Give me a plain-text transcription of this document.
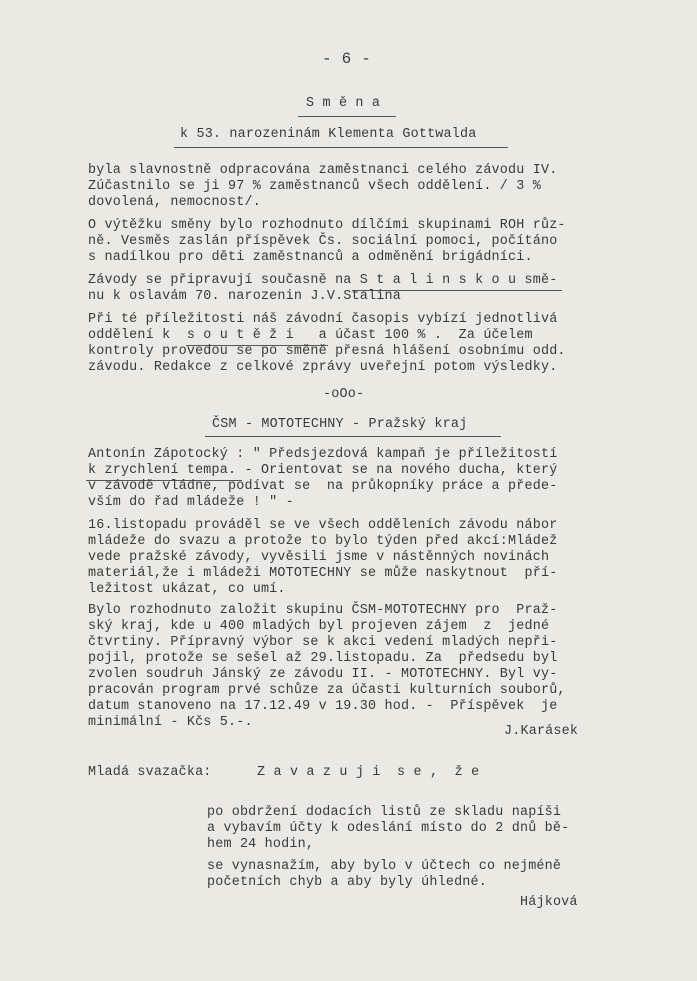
- 6 -

S m ě n a

k 53. narozeninám Klementa Gottwalda

byla slavnostně odpracována zaměstnanci celého závodu IV.

Zúčastnilo se ji 97 % zaměstnanců všech oddělení. / 3 %

dovolená, nemocnost/.

O výtěžku směny bylo rozhodnuto dílčími skupinami ROH růz-

ně. Vesměs zaslán příspěvek Čs. sociální pomoci, počítáno

s nadílkou pro děti zaměstnanců a odměnění brigádníci.

Závody se připravují současně na S t a l i n s k o u smě-

nu k oslavám 70. narozenin J.V.Stalina

Při té příležitosti náš závodní časopis vybízí jednotlivá

oddělení k  s o u t ě ž i   a účast 100 % .  Za účelem

kontroly provedou se po směně přesná hlášení osobnímu odd.

závodu. Redakce z celkové zprávy uveřejní potom výsledky.

-oOo-

ČSM - MOTOTECHNY - Pražský kraj

Antonín Zápotocký : " Předsjezdová kampaň je příležitostí

k zrychlení tempa. - Orientovat se na nového ducha, který

v závodě vládne, podívat se  na průkopníky práce a přede-

vším do řad mládeže ! " -

16.listopadu prováděl se ve všech odděleních závodu nábor

mládeže do svazu a protože to bylo týden před akcí:Mládež

vede pražské závody, vyvěsili jsme v nástěnných novinách

materiál,že i mládeži MOTOTECHNY se může naskytnout  pří-

ležitost ukázat, co umí.

Bylo rozhodnuto založit skupinu ČSM-MOTOTECHNY pro  Praž-

ský kraj, kde u 400 mladých byl projeven zájem  z  jedné

čtvrtiny. Přípravný výbor se k akci vedení mladých nepři-

pojil, protože se sešel až 29.listopadu. Za  předsedu byl

zvolen soudruh Jánský ze závodu II. - MOTOTECHNY. Byl vy-

pracován program prvé schůze za účasti kulturních souborů,

datum stanoveno na 17.12.49 v 19.30 hod. -  Příspěvek  je

minimální - Kčs 5.-.

J.Karásek

Mladá svazačka:	Z a v a z u j i  s e ,  ž e

po obdržení dodacích listů ze skladu napíši

a vybavím účty k odeslání místo do 2 dnů bě-

hem 24 hodin,

se vynasnažím, aby bylo v účtech co nejméně

početních chyb a aby byly úhledné.

Hájková
